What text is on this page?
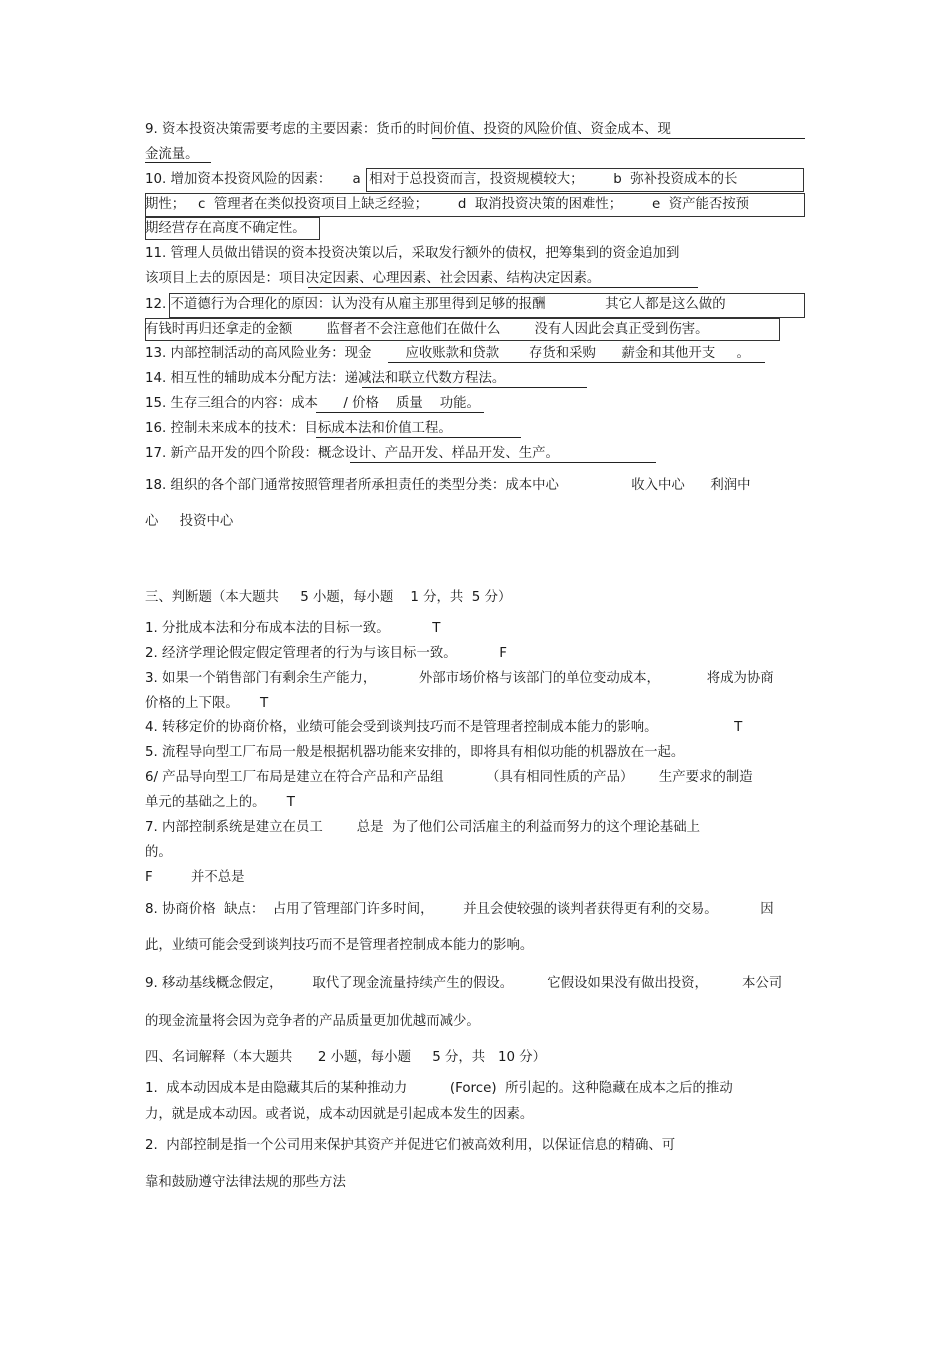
9. 资本投资决策需要考虑的主要因素：货币的时间价值、投资的风险价值、资金成本、现
金流量。
10. 增加资本投资风险的因素：     a  相对于总投资而言，投资规模较大；       b  弥补投资成本的长
期性；   c  管理者在类似投资项目上缺乏经验；       d  取消投资决策的困难性；       e  资产能否按预
期经营存在高度不确定性。
11. 管理人员做出错误的资本投资决策以后，采取发行额外的债权，把筹集到的资金追加到
该项目上去的原因是：项目决定因素、心理因素、社会因素、结构决定因素。
12. 不道德行为合理化的原因：认为没有从雇主那里得到足够的报酬              其它人都是这么做的
有钱时再归还拿走的金额        监督者不会注意他们在做什么        没有人因此会真正受到伤害。
13. 内部控制活动的高风险业务：现金        应收账款和贷款       存货和采购      薪金和其他开支     。
14. 相互性的辅助成本分配方法：递减法和联立代数方程法。
15. 生存三组合的内容：成本      / 价格    质量    功能。
16. 控制未来成本的技术：目标成本法和价值工程。
17. 新产品开发的四个阶段：概念设计、产品开发、样品开发、生产。
18. 组织的各个部门通常按照管理者所承担责任的类型分类：成本中心                 收入中心      利润中
心     投资中心
三、判断题（本大题共     5 小题，每小题    1 分，共  5 分）
1. 分批成本法和分布成本法的目标一致。          T
2. 经济学理论假定假定管理者的行为与该目标一致。          F
3. 如果一个销售部门有剩余生产能力，          外部市场价格与该部门的单位变动成本，           将成为协商
价格的上下限。     T
4. 转移定价的协商价格，业绩可能会受到谈判技巧而不是管理者控制成本能力的影响。                  T
5. 流程导向型工厂布局一般是根据机器功能来安排的，即将具有相似功能的机器放在一起。
6/ 产品导向型工厂布局是建立在符合产品和产品组          （具有相同性质的产品）      生产要求的制造
单元的基础之上的。     T
7. 内部控制系统是建立在员工        总是  为了他们公司活雇主的利益而努力的这个理论基础上
的。
F         并不总是
8. 协商价格  缺点：  占用了管理部门许多时间，       并且会使较强的谈判者获得更有利的交易。          因
此，业绩可能会受到谈判技巧而不是管理者控制成本能力的影响。
9. 移动基线概念假定，       取代了现金流量持续产生的假设。        它假设如果没有做出投资，        本公司
的现金流量将会因为竞争者的产品质量更加优越而减少。
四、名词解释（本大题共      2 小题，每小题     5 分，共   10 分）
1.  成本动因成本是由隐藏其后的某种推动力          (Force)  所引起的。这种隐藏在成本之后的推动
力，就是成本动因。或者说，成本动因就是引起成本发生的因素。
2.  内部控制是指一个公司用来保护其资产并促进它们被高效利用，以保证信息的精确、可
靠和鼓励遵守法律法规的那些方法
